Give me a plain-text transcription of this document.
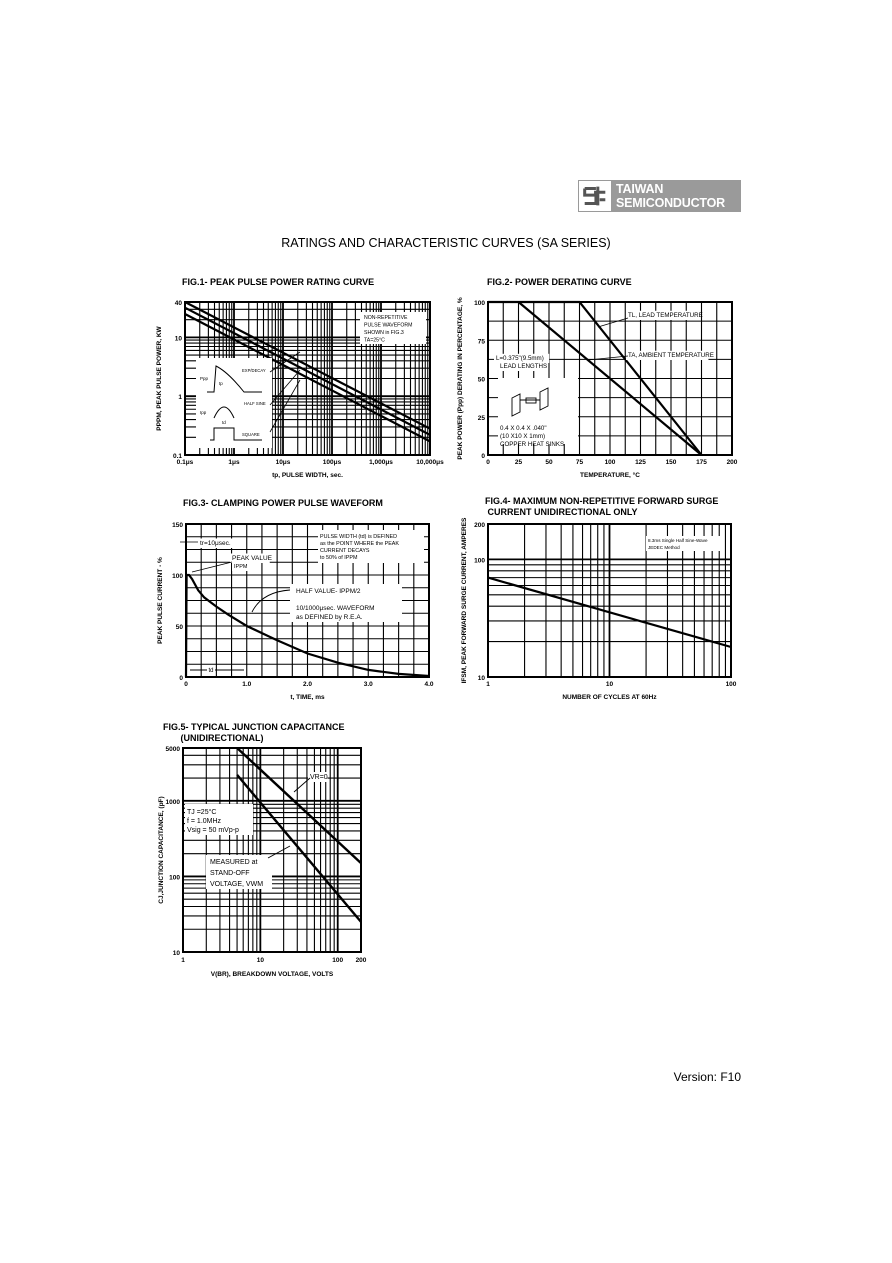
TAIWAN
SEMICONDUCTOR
RATINGS AND CHARACTERISTIC CURVES (SA SERIES)
FIG.1- PEAK PULSE POWER RATING CURVE	FIG.2- POWER DERATING CURVE
FIG.3- CLAMPING POWER PULSE WAVEFORM	FIG.4- MAXIMUM NON-REPETITIVE FORWARD SURGE
CURRENT UNIDIRECTIONAL ONLY
FIG.5- TYPICAL JUNCTION CAPACITANCE
(UNIDIRECTIONAL)
0.1μs	1μs	10μs	100μs	1,000μs	10,000μs
0.1
1
10
40
tp, PULSE WIDTH, sec.
PPPM, PEAK PULSE POWER, KW
NON-REPETITIVE
PULSE WAVEFORM
SHOWN in FIG.3
TA=25°C
Ppp
tp
EXP/DECAY
Ipp
HALF SINE
SQUARE
td
0	25	50	75	100	125	150	175	200
0
25
50
75
100
TEMPERATURE, °C
PEAK POWER (Ppp) DERATING IN PERCENTAGE, %	TL, LEAD TEMPERATURE
TA, AMBIENT TEMPERATURE
L=0.375"(9.5mm)
LEAD LENGTHS
0.4 X 0.4 X .040"
(10 X10 X 1mm)
COPPER HEAT SINKS
0	1.0	2.0	3.0	4.0
0
50
100
150
t, TIME, ms
PEAK PULSE CURRENT - %
tr=10μsec.
PEAK VALUE
IPPM
PULSE WIDTH (td) is DEFINED
as the POINT WHERE the PEAK
CURRENT DECAYS
to 50% of IPPM
HALF VALUE- IPPM/2
10/1000μsec. WAVEFORM
as DEFINED by R.E.A.
td
1	10	100
10
100
200
NUMBER OF CYCLES AT 60Hz
IFSM, PEAK FORWARD SURGE CURRENT, AMPERES	8.3ms Single Half Sine-Wave
JEDEC Method
1	10	100 200
10
100
1000
5000
V(BR), BREAKDOWN VOLTAGE, VOLTS
CJ,JUNCTION CAPACITANCE, (pF)
VR=0
TJ =25°C
f = 1.0MHz
Vsig = 50 mVp-p
MEASURED at
STAND-OFF
VOLTAGE, VWM
Version: F10
